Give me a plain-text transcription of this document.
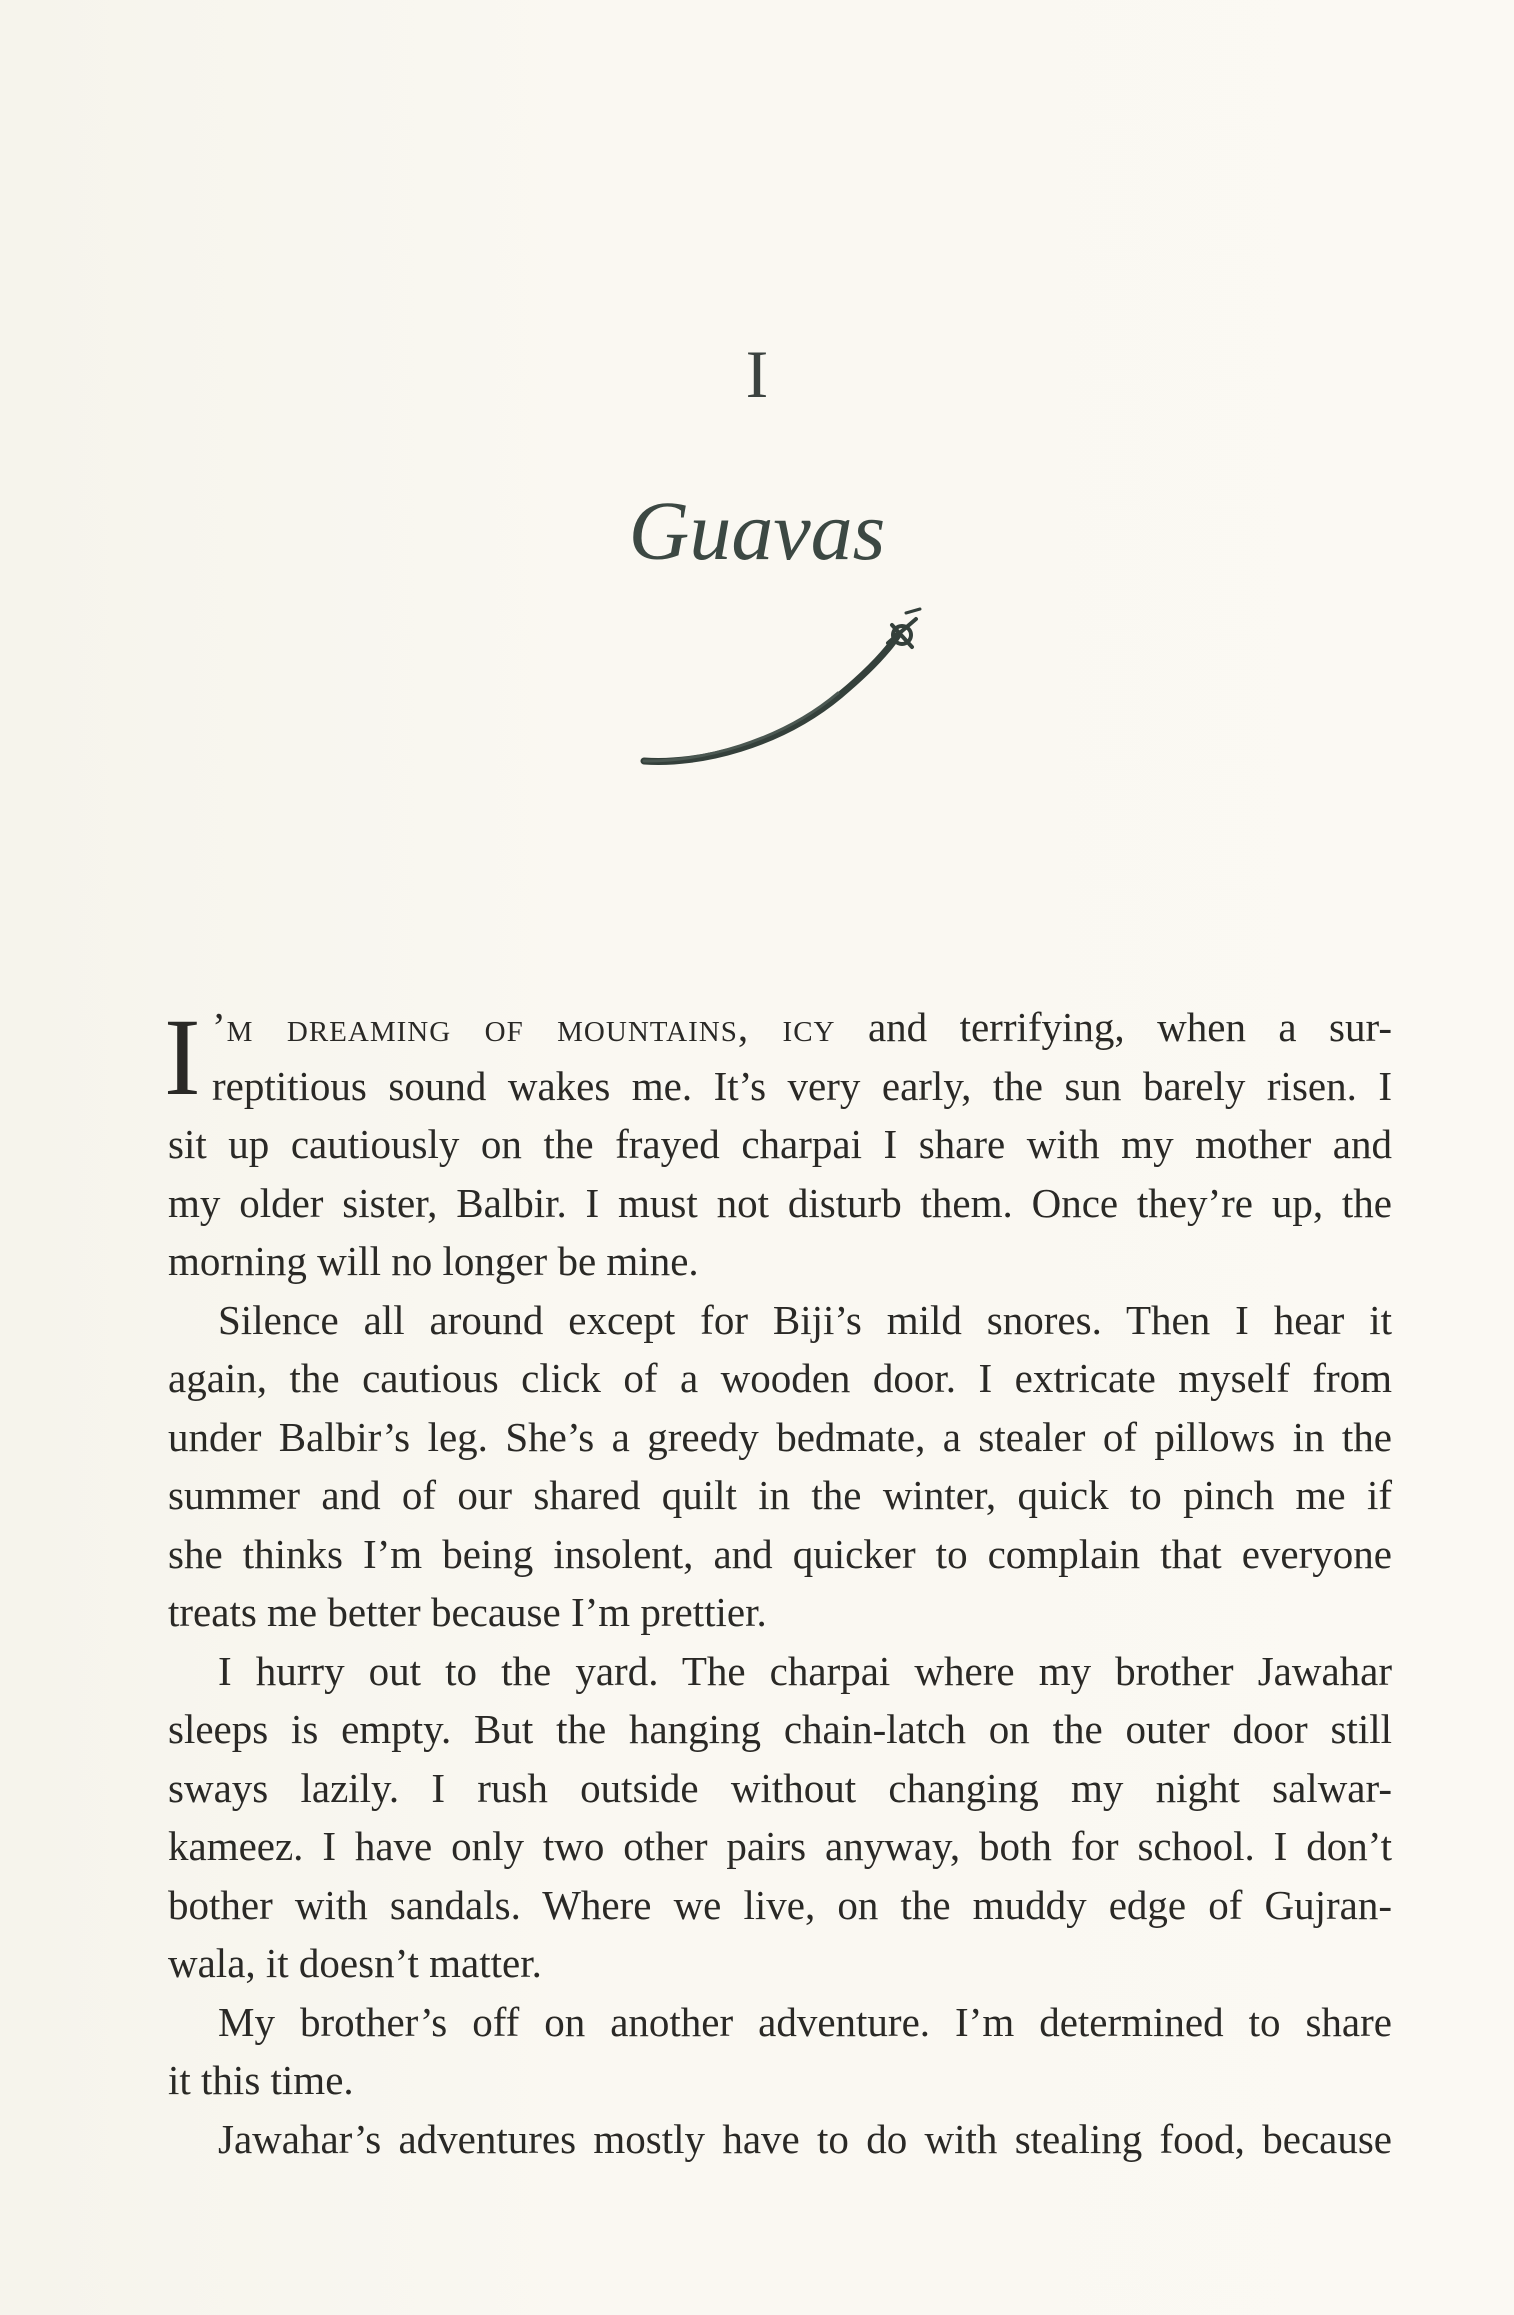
I
Guavas
I ’m dreaming of mountains, icy and terrifying, when a sur-
reptitious sound wakes me. It’s very early, the sun barely risen. I
sit up cautiously on the frayed charpai I share with my mother and
my older sister, Balbir. I must not disturb them. Once they’re up, the
morning will no longer be mine.
Silence all around except for Biji’s mild snores. Then I hear it
again, the cautious click of a wooden door. I extricate myself from
under Balbir’s leg. She’s a greedy bedmate, a stealer of pillows in the
summer and of our shared quilt in the winter, quick to pinch me if
she thinks I’m being insolent, and quicker to complain that everyone
treats me better because I’m prettier.
I hurry out to the yard. The charpai where my brother Jawahar
sleeps is empty. But the hanging chain-latch on the outer door still
sways lazily. I rush outside without changing my night salwar-
kameez. I have only two other pairs anyway, both for school. I don’t
bother with sandals. Where we live, on the muddy edge of Gujran-
wala, it doesn’t matter.
My brother’s off on another adventure. I’m determined to share
it this time.
Jawahar’s adventures mostly have to do with stealing food, because
